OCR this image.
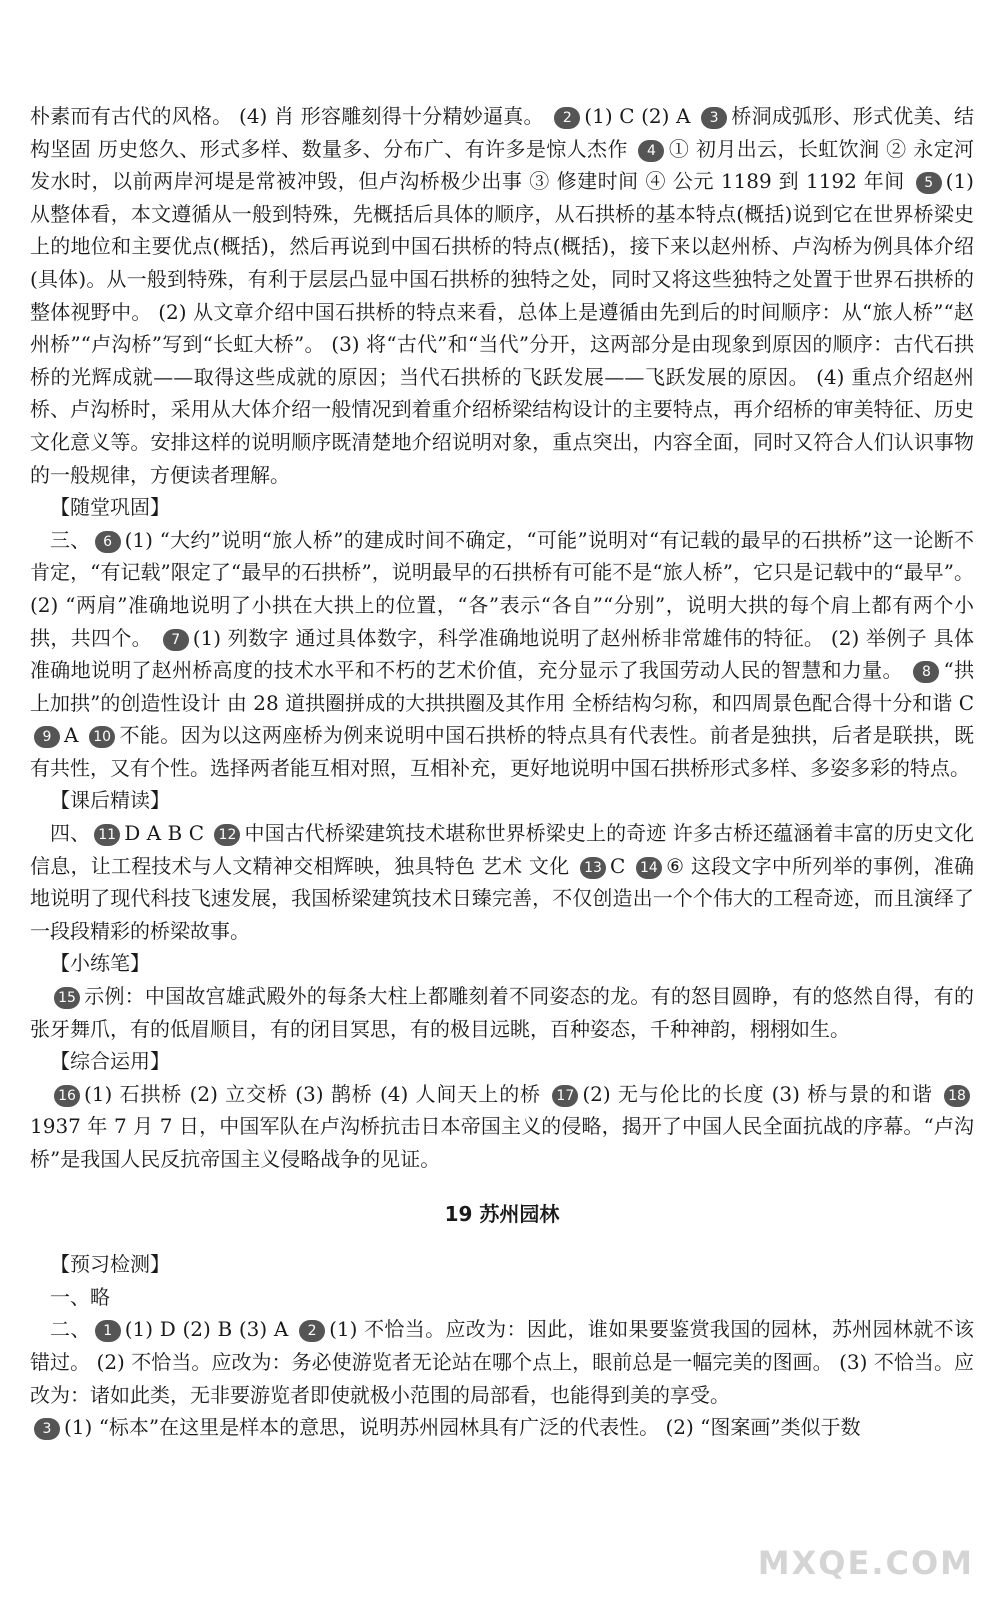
朴素而有古代的风格。 (4) 肖 形容雕刻得十分精妙逼真。 2 (1) C (2) A 3 桥洞成弧形、形式优美、结构坚固 历史悠久、形式多样、数量多、分布广、有许多是惊人杰作 4 ① 初月出云，长虹饮涧 ② 永定河发水时，以前两岸河堤是常被冲毁，但卢沟桥极少出事 ③ 修建时间 ④ 公元 1189 到 1192 年间 5 (1) 从整体看，本文遵循从一般到特殊，先概括后具体的顺序，从石拱桥的基本特点(概括)说到它在世界桥梁史上的地位和主要优点(概括)，然后再说到中国石拱桥的特点(概括)，接下来以赵州桥、卢沟桥为例具体介绍(具体)。从一般到特殊，有利于层层凸显中国石拱桥的独特之处，同时又将这些独特之处置于世界石拱桥的整体视野中。 (2) 从文章介绍中国石拱桥的特点来看，总体上是遵循由先到后的时间顺序：从“旅人桥”“赵州桥”“卢沟桥”写到“长虹大桥”。 (3) 将“古代”和“当代”分开，这两部分是由现象到原因的顺序：古代石拱桥的光辉成就——取得这些成就的原因；当代石拱桥的飞跃发展——飞跃发展的原因。 (4) 重点介绍赵州桥、卢沟桥时，采用从大体介绍一般情况到着重介绍桥梁结构设计的主要特点，再介绍桥的审美特征、历史文化意义等。安排这样的说明顺序既清楚地介绍说明对象，重点突出，内容全面，同时又符合人们认识事物的一般规律，方便读者理解。

【随堂巩固】

三、 6 (1) “大约”说明“旅人桥”的建成时间不确定，“可能”说明对“有记载的最早的石拱桥”这一论断不肯定，“有记载”限定了“最早的石拱桥”，说明最早的石拱桥有可能不是“旅人桥”，它只是记载中的“最早”。 (2) “两肩”准确地说明了小拱在大拱上的位置，“各”表示“各自”“分别”，说明大拱的每个肩上都有两个小拱，共四个。 7 (1) 列数字 通过具体数字，科学准确地说明了赵州桥非常雄伟的特征。 (2) 举例子 具体准确地说明了赵州桥高度的技术水平和不朽的艺术价值，充分显示了我国劳动人民的智慧和力量。 8 “拱上加拱”的创造性设计 由 28 道拱圈拼成的大拱拱圈及其作用 全桥结构匀称，和四周景色配合得十分和谐 C 9 A 10 不能。因为以这两座桥为例来说明中国石拱桥的特点具有代表性。前者是独拱，后者是联拱，既有共性，又有个性。选择两者能互相对照，互相补充，更好地说明中国石拱桥形式多样、多姿多彩的特点。

【课后精读】

四、 11 D A B C 12 中国古代桥梁建筑技术堪称世界桥梁史上的奇迹 许多古桥还蕴涵着丰富的历史文化信息，让工程技术与人文精神交相辉映，独具特色 艺术 文化 13 C 14 ⑥ 这段文字中所列举的事例，准确地说明了现代科技飞速发展，我国桥梁建筑技术日臻完善，不仅创造出一个个伟大的工程奇迹，而且演绎了一段段精彩的桥梁故事。

【小练笔】

15 示例：中国故宫雄武殿外的每条大柱上都雕刻着不同姿态的龙。有的怒目圆睁，有的悠然自得，有的张牙舞爪，有的低眉顺目，有的闭目冥思，有的极目远眺，百种姿态，千种神韵，栩栩如生。

【综合运用】

16 (1) 石拱桥 (2) 立交桥 (3) 鹊桥 (4) 人间天上的桥 17 (2) 无与伦比的长度 (3) 桥与景的和谐 181937 年 7 月 7 日，中国军队在卢沟桥抗击日本帝国主义的侵略，揭开了中国人民全面抗战的序幕。“卢沟桥”是我国人民反抗帝国主义侵略战争的见证。

19 苏州园林
【预习检测】

一、略

二、 1 (1) D (2) B (3) A 2 (1) 不恰当。应改为：因此，谁如果要鉴赏我国的园林，苏州园林就不该错过。 (2) 不恰当。应改为：务必使游览者无论站在哪个点上，眼前总是一幅完美的图画。 (3) 不恰当。应改为：诸如此类，无非要游览者即使就极小范围的局部看，也能得到美的享受。

3 (1) “标本”在这里是样本的意思，说明苏州园林具有广泛的代表性。 (2) “图案画”类似于数

MXQE.COM
